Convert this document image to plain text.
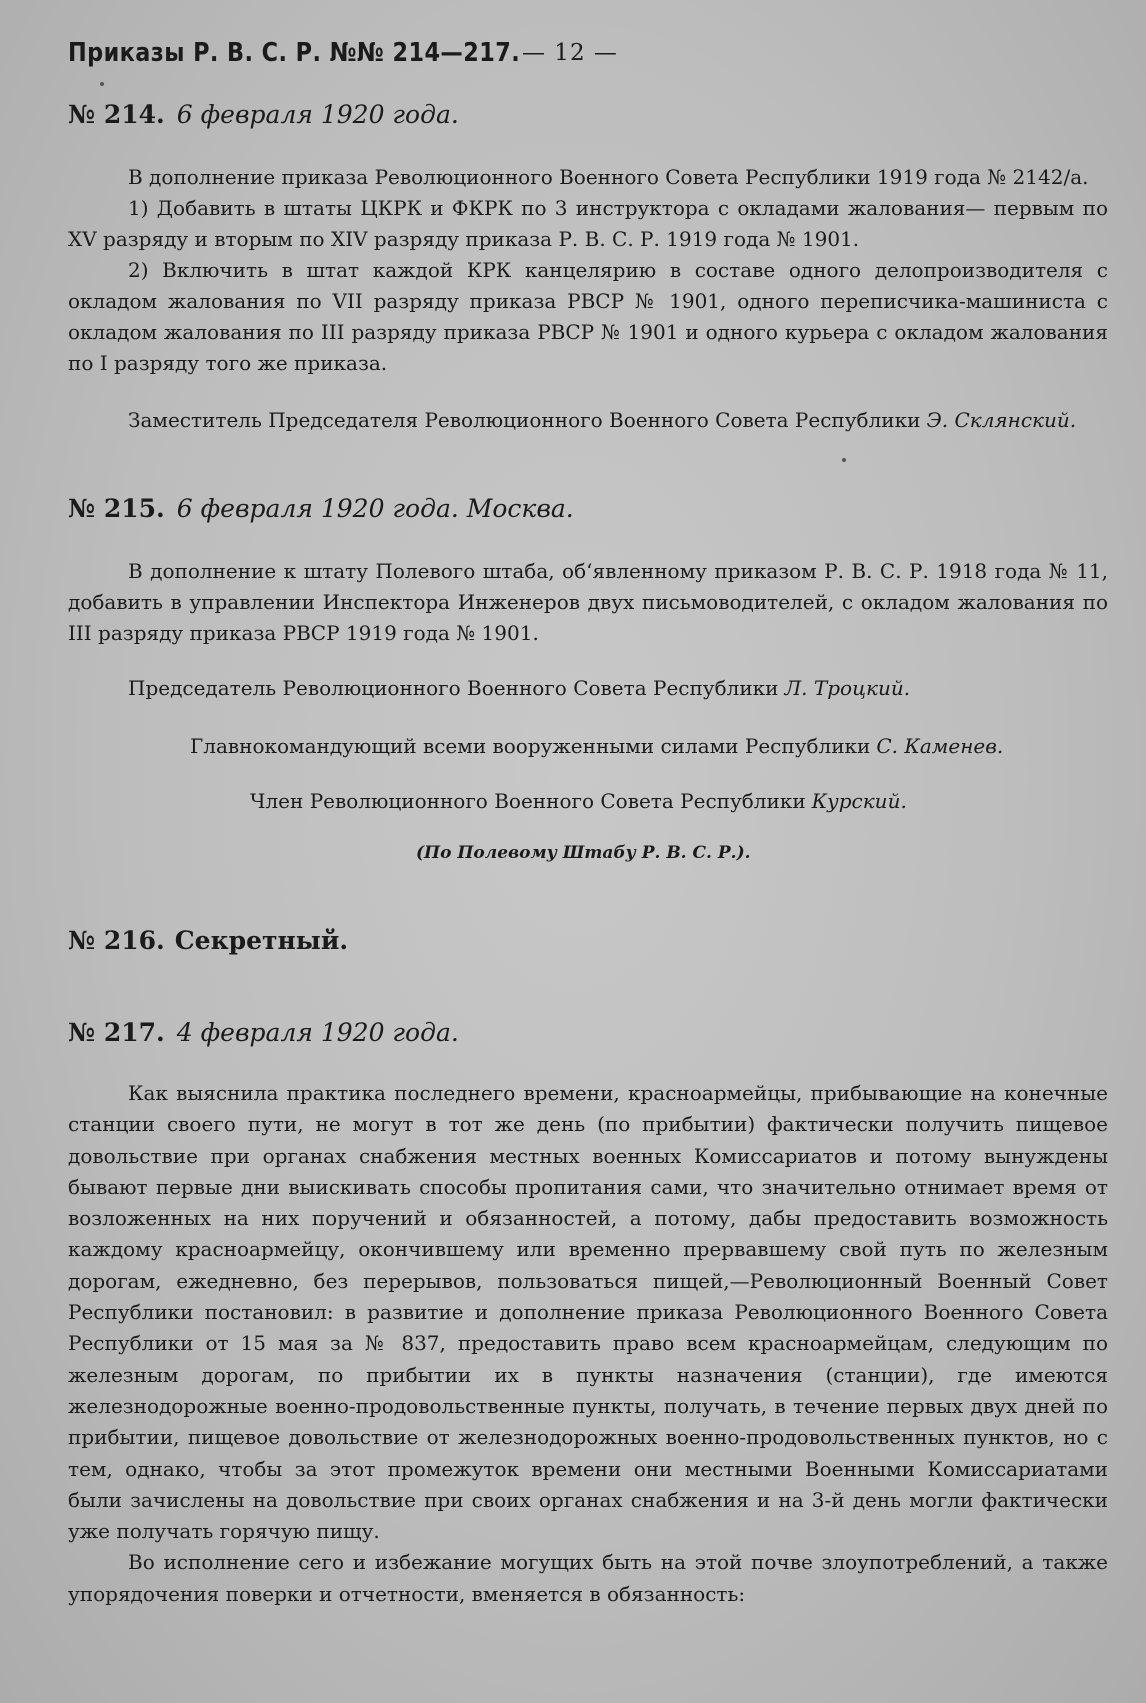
Приказы Р. В. С. Р. №№ 214—217. — 12 —
№ 214. 6 февраля 1920 года.

В дополнение приказа Революционного Военного Совета Республики 1919 года № 2142/а.

1) Добавить в штаты ЦКРК и ФКРК по 3 инструктора с окладами жалования— первым по XV разряду и вторым по XIV разряду приказа Р. В. С. Р. 1919 года № 1901.

2) Включить в штат каждой КРК канцелярию в составе одного делопроизводителя с окладом жалования по VII разряду приказа РВСР № 1901, одного переписчика-машиниста с окладом жалования по III разряду приказа РВСР № 1901 и одного курьера с окладом жалования по I разряду того же приказа.

Заместитель Председателя Революционного Военного Совета Республики Э. Склянский.
№ 215. 6 февраля 1920 года. Москва.

В дополнение к штату Полевого штаба, об‘явленному приказом Р. В. С. Р. 1918 года № 11, добавить в управлении Инспектора Инженеров двух письмоводителей, с окладом жалования по III разряду приказа РВСР 1919 года № 1901.

Председатель Революционного Военного Совета Республики Л. Троцкий.
Главнокомандующий всеми вооруженными силами Республики С. Каменев.
Член Революционного Военного Совета Республики Курский.
(По Полевому Штабу Р. В. С. Р.).
№ 216. Секретный.
№ 217. 4 февраля 1920 года.

Как выяснила практика последнего времени, красноармейцы, прибывающие на конечные станции своего пути, не могут в тот же день (по прибытии) фактически получить пищевое довольствие при органах снабжения местных военных Комиссариатов и потому вынуждены бывают первые дни выискивать способы пропитания сами, что значительно отнимает время от возложенных на них поручений и обязанностей, а потому, дабы предоставить возможность каждому красноармейцу, окончившему или временно прервавшему свой путь по железным дорогам, ежедневно, без перерывов, пользоваться пищей,—Революционный Военный Совет Республики постановил: в развитие и дополнение приказа Революционного Военного Совета Республики от 15 мая за № 837, предоставить право всем красноармейцам, следующим по железным дорогам, по прибытии их в пункты назначения (станции), где имеются железнодорожные военно-продовольственные пункты, получать, в течение первых двух дней по прибытии, пищевое довольствие от железнодорожных военно-продовольственных пунктов, но с тем, однако, чтобы за этот промежуток времени они местными Военными Комиссариатами были зачислены на довольствие при своих органах снабжения и на 3-й день могли фактически уже получать горячую пищу.

Во исполнение сего и избежание могущих быть на этой почве злоупотреблений, а также упорядочения поверки и отчетности, вменяется в обязанность:
